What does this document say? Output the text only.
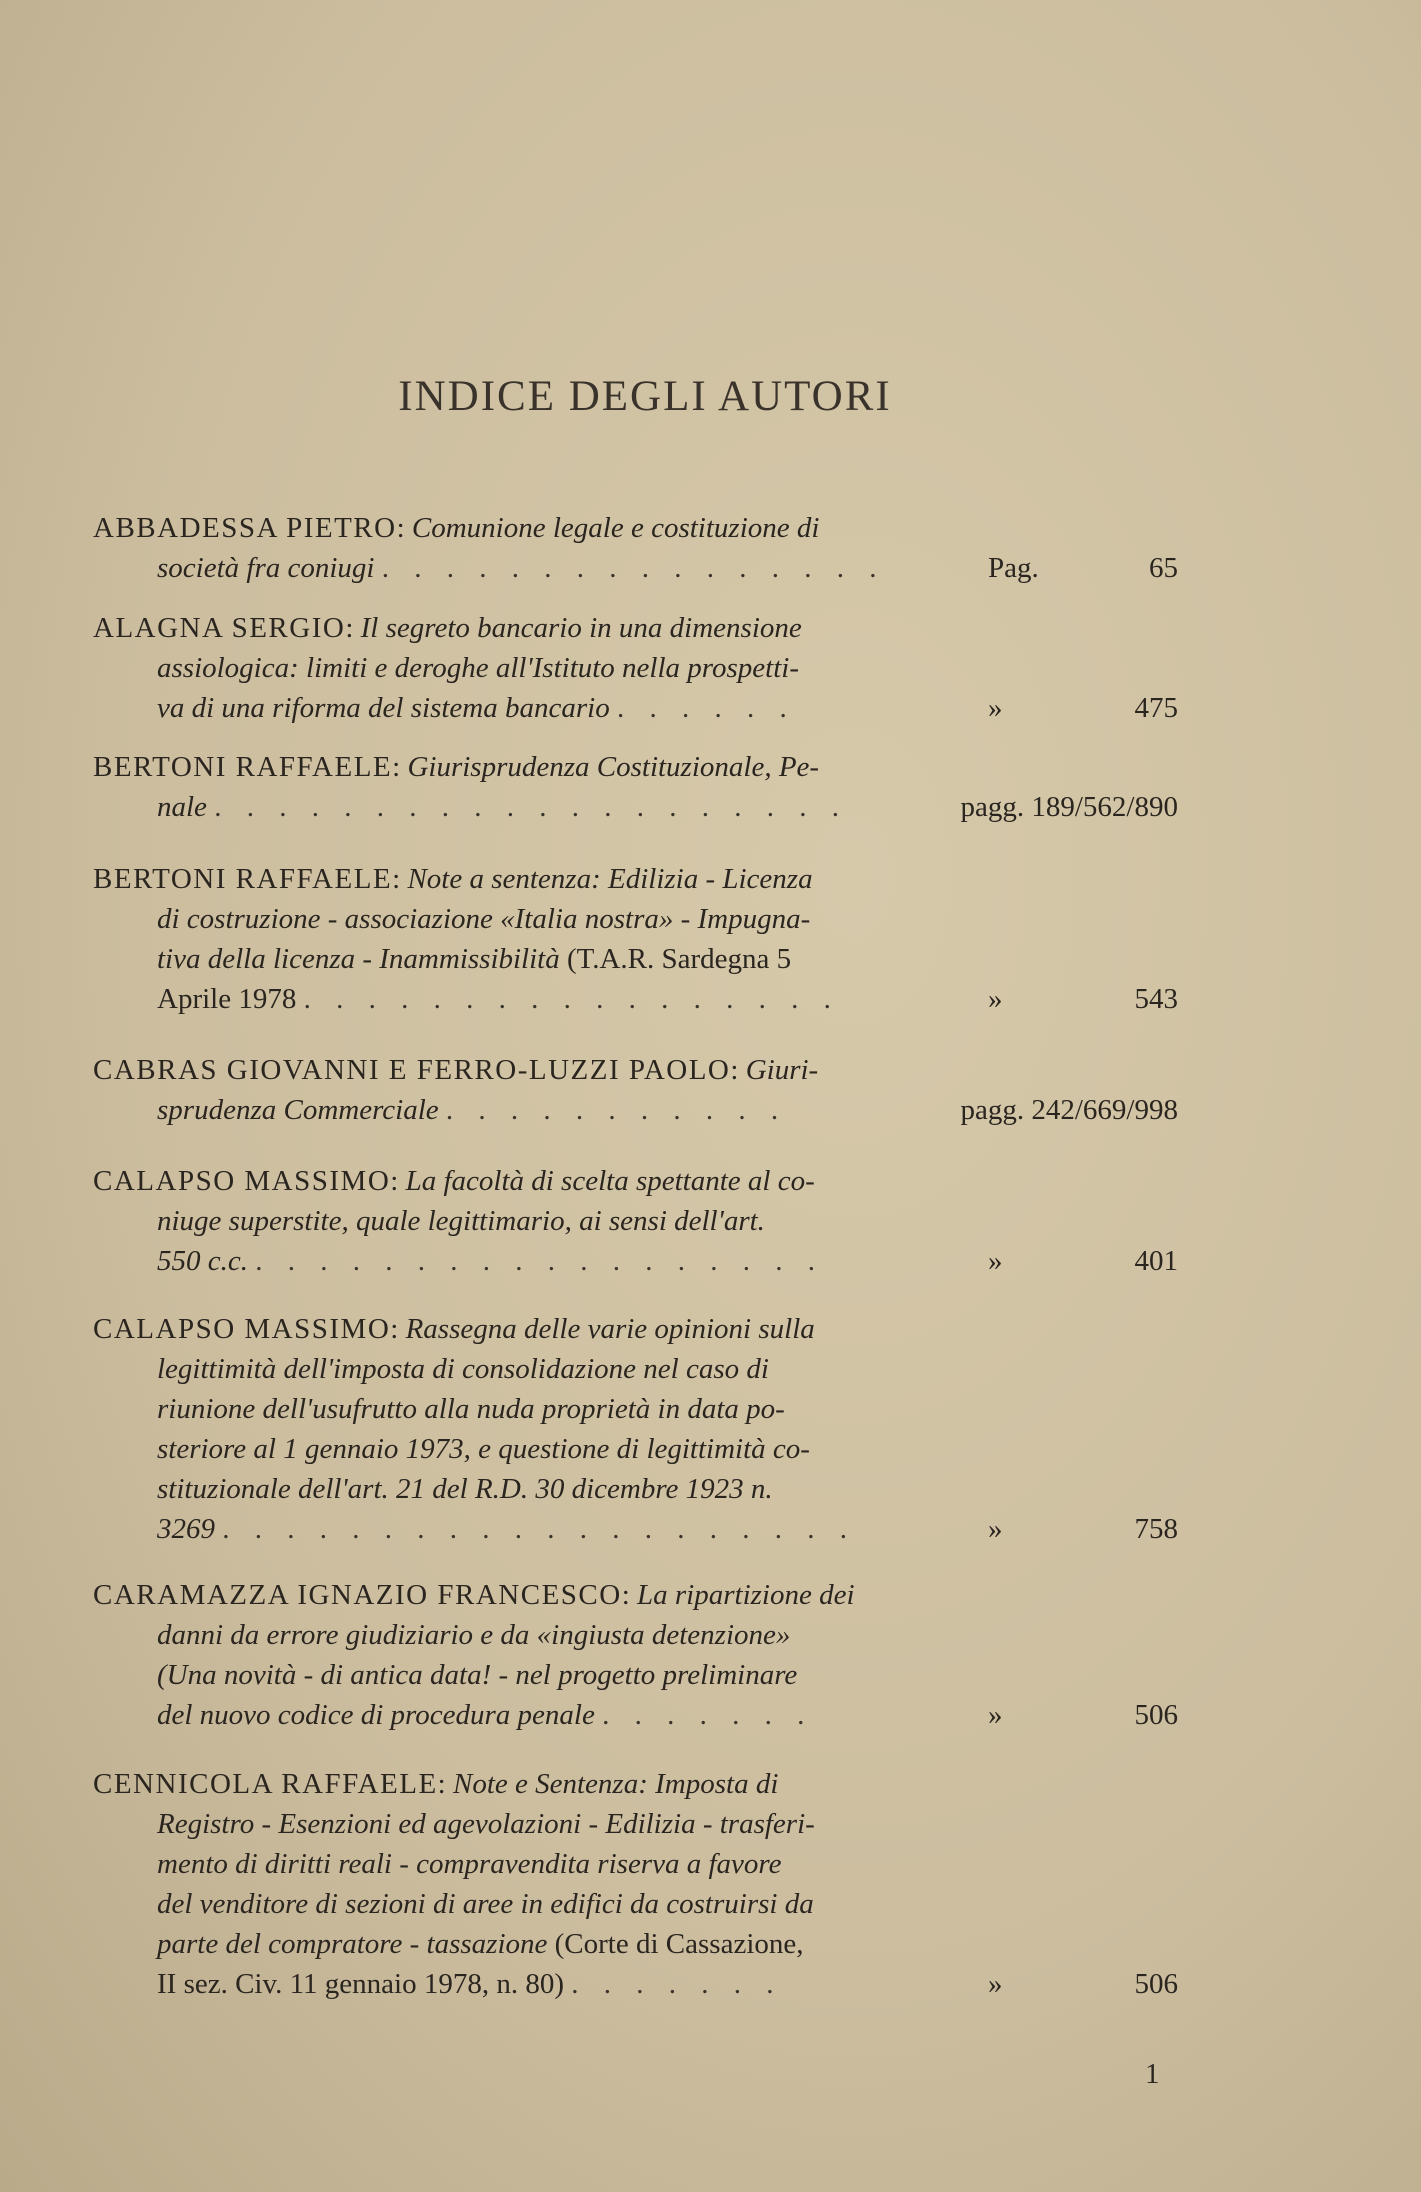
INDICE DEGLI AUTORI
ABBADESSA PIETRO: Comunione legale e costituzione di
società fra coniugi . . . . . . . . . . . . . . . .	Pag.	65
ALAGNA SERGIO: Il segreto bancario in una dimensione
assiologica: limiti e deroghe all'Istituto nella prospetti-
va di una riforma del sistema bancario . . . . . .	»	475
BERTONI RAFFAELE: Giurisprudenza Costituzionale, Pe-
nale . . . . . . . . . . . . . . . . . . . .	pagg. 189/562/890
BERTONI RAFFAELE: Note a sentenza: Edilizia - Licenza
di costruzione - associazione «Italia nostra» - Impugna-
tiva della licenza - Inammissibilità (T.A.R. Sardegna 5
Aprile 1978 . . . . . . . . . . . . . . . . .	»	543
CABRAS GIOVANNI E FERRO-LUZZI PAOLO: Giuri-
sprudenza Commerciale . . . . . . . . . . .	pagg. 242/669/998
CALAPSO MASSIMO: La facoltà di scelta spettante al co-
niuge superstite, quale legittimario, ai sensi dell'art.
550 c.c. . . . . . . . . . . . . . . . . . .	»	401
CALAPSO MASSIMO: Rassegna delle varie opinioni sulla
legittimità dell'imposta di consolidazione nel caso di
riunione dell'usufrutto alla nuda proprietà in data po-
steriore al 1 gennaio 1973, e questione di legittimità co-
stituzionale dell'art. 21 del R.D. 30 dicembre 1923 n.
3269 . . . . . . . . . . . . . . . . . . . .	»	758
CARAMAZZA IGNAZIO FRANCESCO: La ripartizione dei
danni da errore giudiziario e da «ingiusta detenzione»
(Una novità - di antica data! - nel progetto preliminare
del nuovo codice di procedura penale . . . . . . .	»	506
CENNICOLA RAFFAELE: Note e Sentenza: Imposta di
Registro - Esenzioni ed agevolazioni - Edilizia - trasferi-
mento di diritti reali - compravendita riserva a favore
del venditore di sezioni di aree in edifici da costruirsi da
parte del compratore - tassazione (Corte di Cassazione,
II sez. Civ. 11 gennaio 1978, n. 80) . . . . . . .	»	506
1
